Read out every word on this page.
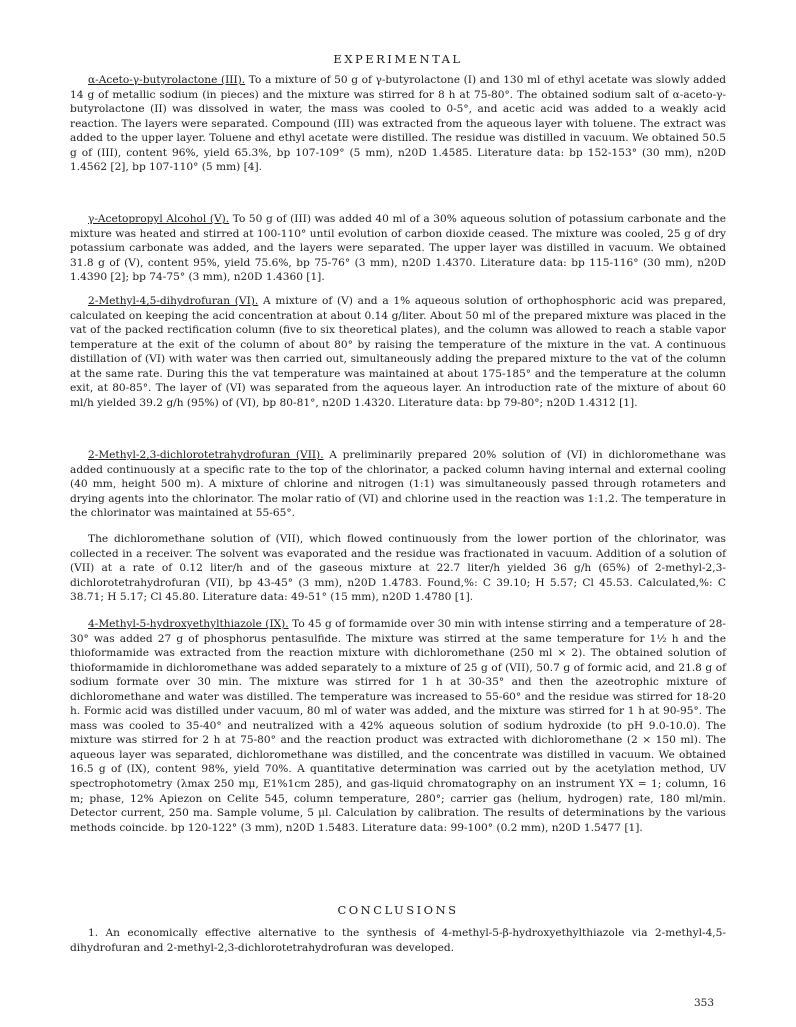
EXPERIMENTAL

α-Aceto-γ-butyrolactone (III). To a mixture of 50 g of γ-butyrolactone (I) and 130 ml of ethyl acetate was slowly added 14 g of metallic sodium (in pieces) and the mixture was stirred for 8 h at 75-80°. The obtained sodium salt of α-aceto-γ-butyrolactone (II) was dissolved in water, the mass was cooled to 0-5°, and acetic acid was added to a weakly acid reaction. The layers were separated. Compound (III) was extracted from the aqueous layer with toluene. The extract was added to the upper layer. Toluene and ethyl acetate were distilled. The residue was distilled in vacuum. We obtained 50.5 g of (III), content 96%, yield 65.3%, bp 107-109° (5 mm), n20D 1.4585. Literature data: bp 152-153° (30 mm), n20D 1.4562 [2], bp 107-110° (5 mm) [4].

γ-Acetopropyl Alcohol (V). To 50 g of (III) was added 40 ml of a 30% aqueous solution of potassium carbonate and the mixture was heated and stirred at 100-110° until evolution of carbon dioxide ceased. The mixture was cooled, 25 g of dry potassium carbonate was added, and the layers were separated. The upper layer was distilled in vacuum. We obtained 31.8 g of (V), content 95%, yield 75.6%, bp 75-76° (3 mm), n20D 1.4370. Literature data: bp 115-116° (30 mm), n20D 1.4390 [2]; bp 74-75° (3 mm), n20D 1.4360 [1].

2-Methyl-4,5-dihydrofuran (VI). A mixture of (V) and a 1% aqueous solution of orthophosphoric acid was prepared, calculated on keeping the acid concentration at about 0.14 g/liter. About 50 ml of the prepared mixture was placed in the vat of the packed rectification column (five to six theoretical plates), and the column was allowed to reach a stable vapor temperature at the exit of the column of about 80° by raising the temperature of the mixture in the vat. A continuous distillation of (VI) with water was then carried out, simultaneously adding the prepared mixture to the vat of the column at the same rate. During this the vat temperature was maintained at about 175-185° and the temperature at the column exit, at 80-85°. The layer of (VI) was separated from the aqueous layer. An introduction rate of the mixture of about 60 ml/h yielded 39.2 g/h (95%) of (VI), bp 80-81°, n20D 1.4320. Literature data: bp 79-80°; n20D 1.4312 [1].

2-Methyl-2,3-dichlorotetrahydrofuran (VII). A preliminarily prepared 20% solution of (VI) in dichloromethane was added continuously at a specific rate to the top of the chlorinator, a packed column having internal and external cooling (40 mm, height 500 m). A mixture of chlorine and nitrogen (1:1) was simultaneously passed through rotameters and drying agents into the chlorinator. The molar ratio of (VI) and chlorine used in the reaction was 1:1.2. The temperature in the chlorinator was maintained at 55-65°.

The dichloromethane solution of (VII), which flowed continuously from the lower portion of the chlorinator, was collected in a receiver. The solvent was evaporated and the residue was fractionated in vacuum. Addition of a solution of (VII) at a rate of 0.12 liter/h and of the gaseous mixture at 22.7 liter/h yielded 36 g/h (65%) of 2-methyl-2,3-dichlorotetrahydrofuran (VII), bp 43-45° (3 mm), n20D 1.4783. Found,%: C 39.10; H 5.57; Cl 45.53. Calculated,%: C 38.71; H 5.17; Cl 45.80. Literature data: 49-51° (15 mm), n20D 1.4780 [1].

4-Methyl-5-hydroxyethylthiazole (IX). To 45 g of formamide over 30 min with intense stirring and a temperature of 28-30° was added 27 g of phosphorus pentasulfide. The mixture was stirred at the same temperature for 1½ h and the thioformamide was extracted from the reaction mixture with dichloromethane (250 ml × 2). The obtained solution of thioformamide in dichloromethane was added separately to a mixture of 25 g of (VII), 50.7 g of formic acid, and 21.8 g of sodium formate over 30 min. The mixture was stirred for 1 h at 30-35° and then the azeotrophic mixture of dichloromethane and water was distilled. The temperature was increased to 55-60° and the residue was stirred for 18-20 h. Formic acid was distilled under vacuum, 80 ml of water was added, and the mixture was stirred for 1 h at 90-95°. The mass was cooled to 35-40° and neutralized with a 42% aqueous solution of sodium hydroxide (to pH 9.0-10.0). The mixture was stirred for 2 h at 75-80° and the reaction product was extracted with dichloromethane (2 × 150 ml). The aqueous layer was separated, dichloromethane was distilled, and the concentrate was distilled in vacuum. We obtained 16.5 g of (IX), content 98%, yield 70%. A quantitative determination was carried out by the acetylation method, UV spectrophotometry (λmax 250 mμ, E1%1cm 285), and gas-liquid chromatography on an instrument YX = 1; column, 16 m; phase, 12% Apiezon on Celite 545, column temperature, 280°; carrier gas (helium, hydrogen) rate, 180 ml/min. Detector current, 250 ma. Sample volume, 5 μl. Calculation by calibration. The results of determinations by the various methods coincide. bp 120-122° (3 mm), n20D 1.5483. Literature data: 99-100° (0.2 mm), n20D 1.5477 [1].

CONCLUSIONS

1. An economically effective alternative to the synthesis of 4-methyl-5-β-hydroxyethylthiazole via 2-methyl-4,5-dihydrofuran and 2-methyl-2,3-dichlorotetrahydrofuran was developed.

353
